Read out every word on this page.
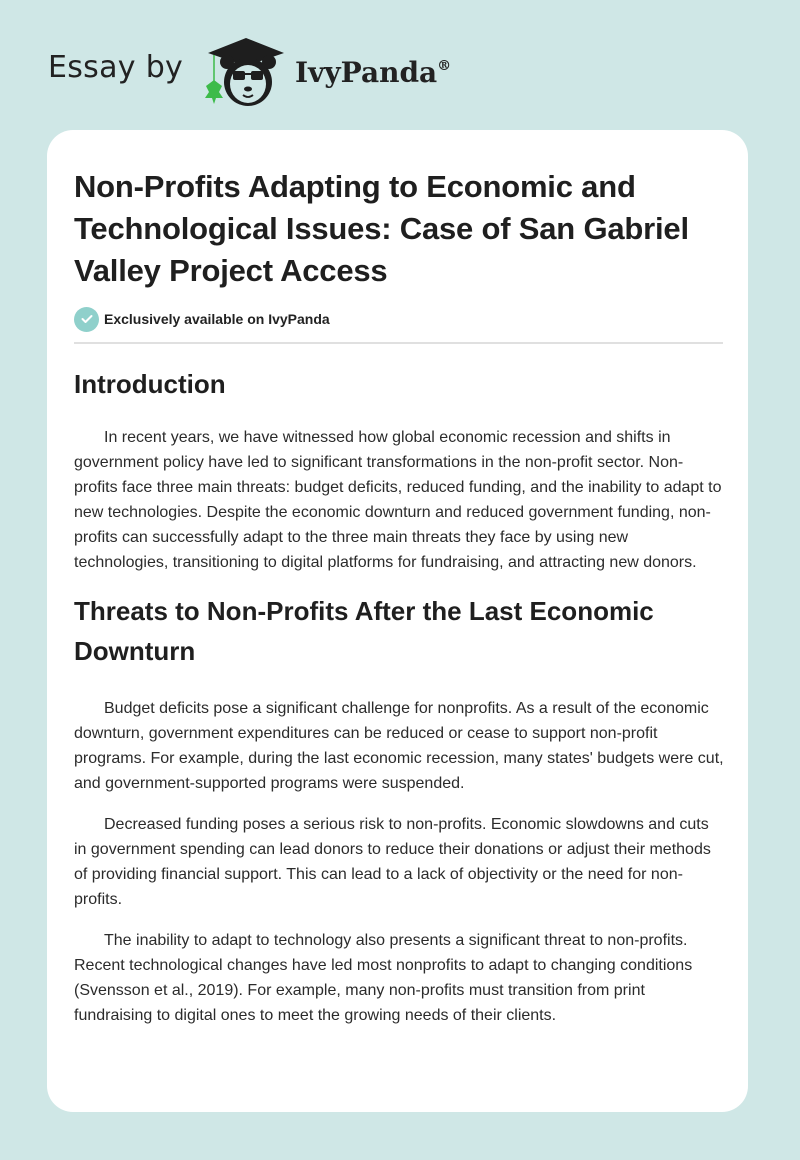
Essay by	IvyPanda®
Non-Profits Adapting to Economic and Technological Issues: Case of San Gabriel Valley Project Access
Exclusively available on IvyPanda
Introduction

In recent years, we have witnessed how global economic recession and shifts in government policy have led to significant transformations in the non-profit sector. Non-profits face three main threats: budget deficits, reduced funding, and the inability to adapt to new technologies. Despite the economic downturn and reduced government funding, non-profits can successfully adapt to the three main threats they face by using new technologies, transitioning to digital platforms for fundraising, and attracting new donors.

Threats to Non-Profits After the Last Economic Downturn

Budget deficits pose a significant challenge for nonprofits. As a result of the economic downturn, government expenditures can be reduced or cease to support non-profit programs. For example, during the last economic recession, many states' budgets were cut, and government-supported programs were suspended.

Decreased funding poses a serious risk to non-profits. Economic slowdowns and cuts in government spending can lead donors to reduce their donations or adjust their methods of providing financial support. This can lead to a lack of objectivity or the need for non-profits.

The inability to adapt to technology also presents a significant threat to non-profits. Recent technological changes have led most nonprofits to adapt to changing conditions (Svensson et al., 2019). For example, many non-profits must transition from print fundraising to digital ones to meet the growing needs of their clients.
